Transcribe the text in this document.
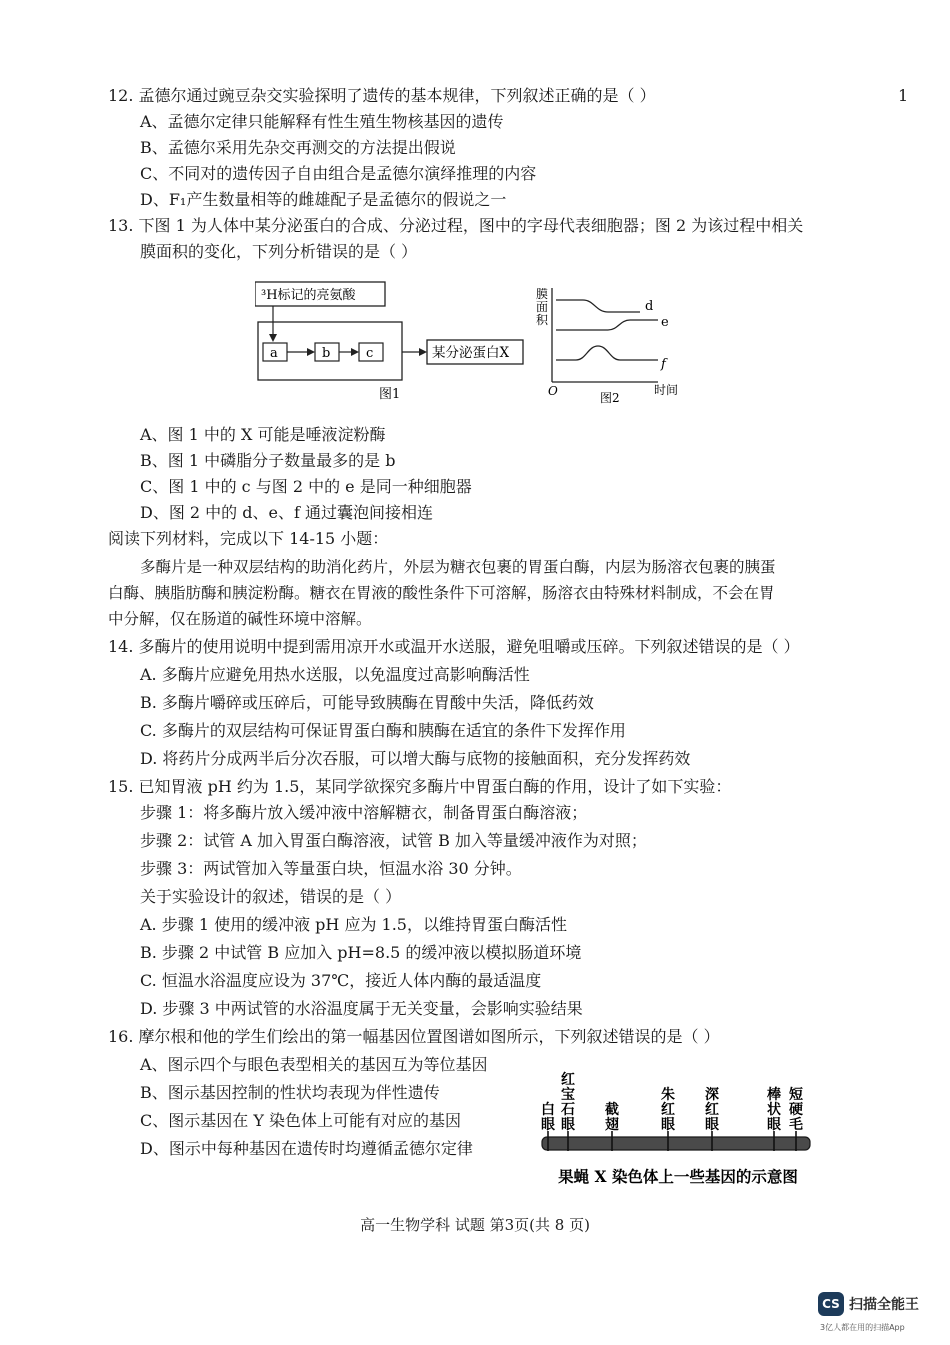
1
12. 孟德尔通过豌豆杂交实验探明了遗传的基本规律，下列叙述正确的是（ ）
A、孟德尔定律只能解释有性生殖生物核基因的遗传
B、孟德尔采用先杂交再测交的方法提出假说
C、不同对的遗传因子自由组合是孟德尔演绎推理的内容
D、F₁产生数量相等的雌雄配子是孟德尔的假说之一
13. 下图 1 为人体中某分泌蛋白的合成、分泌过程，图中的字母代表细胞器；图 2 为该过程中相关
膜面积的变化，下列分析错误的是（ ）
³H标记的亮氨酸
a	b	c	某分泌蛋白X
图1
膜
面
积
O
d
e
f
图2
时间
A、图 1 中的 X 可能是唾液淀粉酶
B、图 1 中磷脂分子数量最多的是 b
C、图 1 中的 c 与图 2 中的 e 是同一种细胞器
D、图 2 中的 d、e、f 通过囊泡间接相连
阅读下列材料，完成以下 14-15 小题：
多酶片是一种双层结构的助消化药片，外层为糖衣包裹的胃蛋白酶，内层为肠溶衣包裹的胰蛋
白酶、胰脂肪酶和胰淀粉酶。糖衣在胃液的酸性条件下可溶解，肠溶衣由特殊材料制成，不会在胃
中分解，仅在肠道的碱性环境中溶解。
14. 多酶片的使用说明中提到需用凉开水或温开水送服，避免咀嚼或压碎。下列叙述错误的是（ ）
A. 多酶片应避免用热水送服，以免温度过高影响酶活性
B. 多酶片嚼碎或压碎后，可能导致胰酶在胃酸中失活，降低药效
C. 多酶片的双层结构可保证胃蛋白酶和胰酶在适宜的条件下发挥作用
D. 将药片分成两半后分次吞服，可以增大酶与底物的接触面积，充分发挥药效
15. 已知胃液 pH 约为 1.5，某同学欲探究多酶片中胃蛋白酶的作用，设计了如下实验：
步骤 1：将多酶片放入缓冲液中溶解糖衣，制备胃蛋白酶溶液；
步骤 2：试管 A 加入胃蛋白酶溶液，试管 B 加入等量缓冲液作为对照；
步骤 3：两试管加入等量蛋白块，恒温水浴 30 分钟。
关于实验设计的叙述，错误的是（ ）
A. 步骤 1 使用的缓冲液 pH 应为 1.5，以维持胃蛋白酶活性
B. 步骤 2 中试管 B 应加入 pH=8.5 的缓冲液以模拟肠道环境
C. 恒温水浴温度应设为 37℃，接近人体内酶的最适温度
D. 步骤 3 中两试管的水浴温度属于无关变量，会影响实验结果
16. 摩尔根和他的学生们绘出的第一幅基因位置图谱如图所示，下列叙述错误的是（ ）
A、图示四个与眼色表型相关的基因互为等位基因
B、图示基因控制的性状均表现为伴性遗传
C、图示基因在 Y 染色体上可能有对应的基因
D、图示中每种基因在遗传时均遵循孟德尔定律
果蝇 X 染色体上一些基因的示意图
白眼
红宝石眼
截翅
朱红眼
深红眼
棒状眼
短硬毛
高一生物学科 试题 第3页(共 8 页)
CS 扫描全能王
3亿人都在用的扫描App
